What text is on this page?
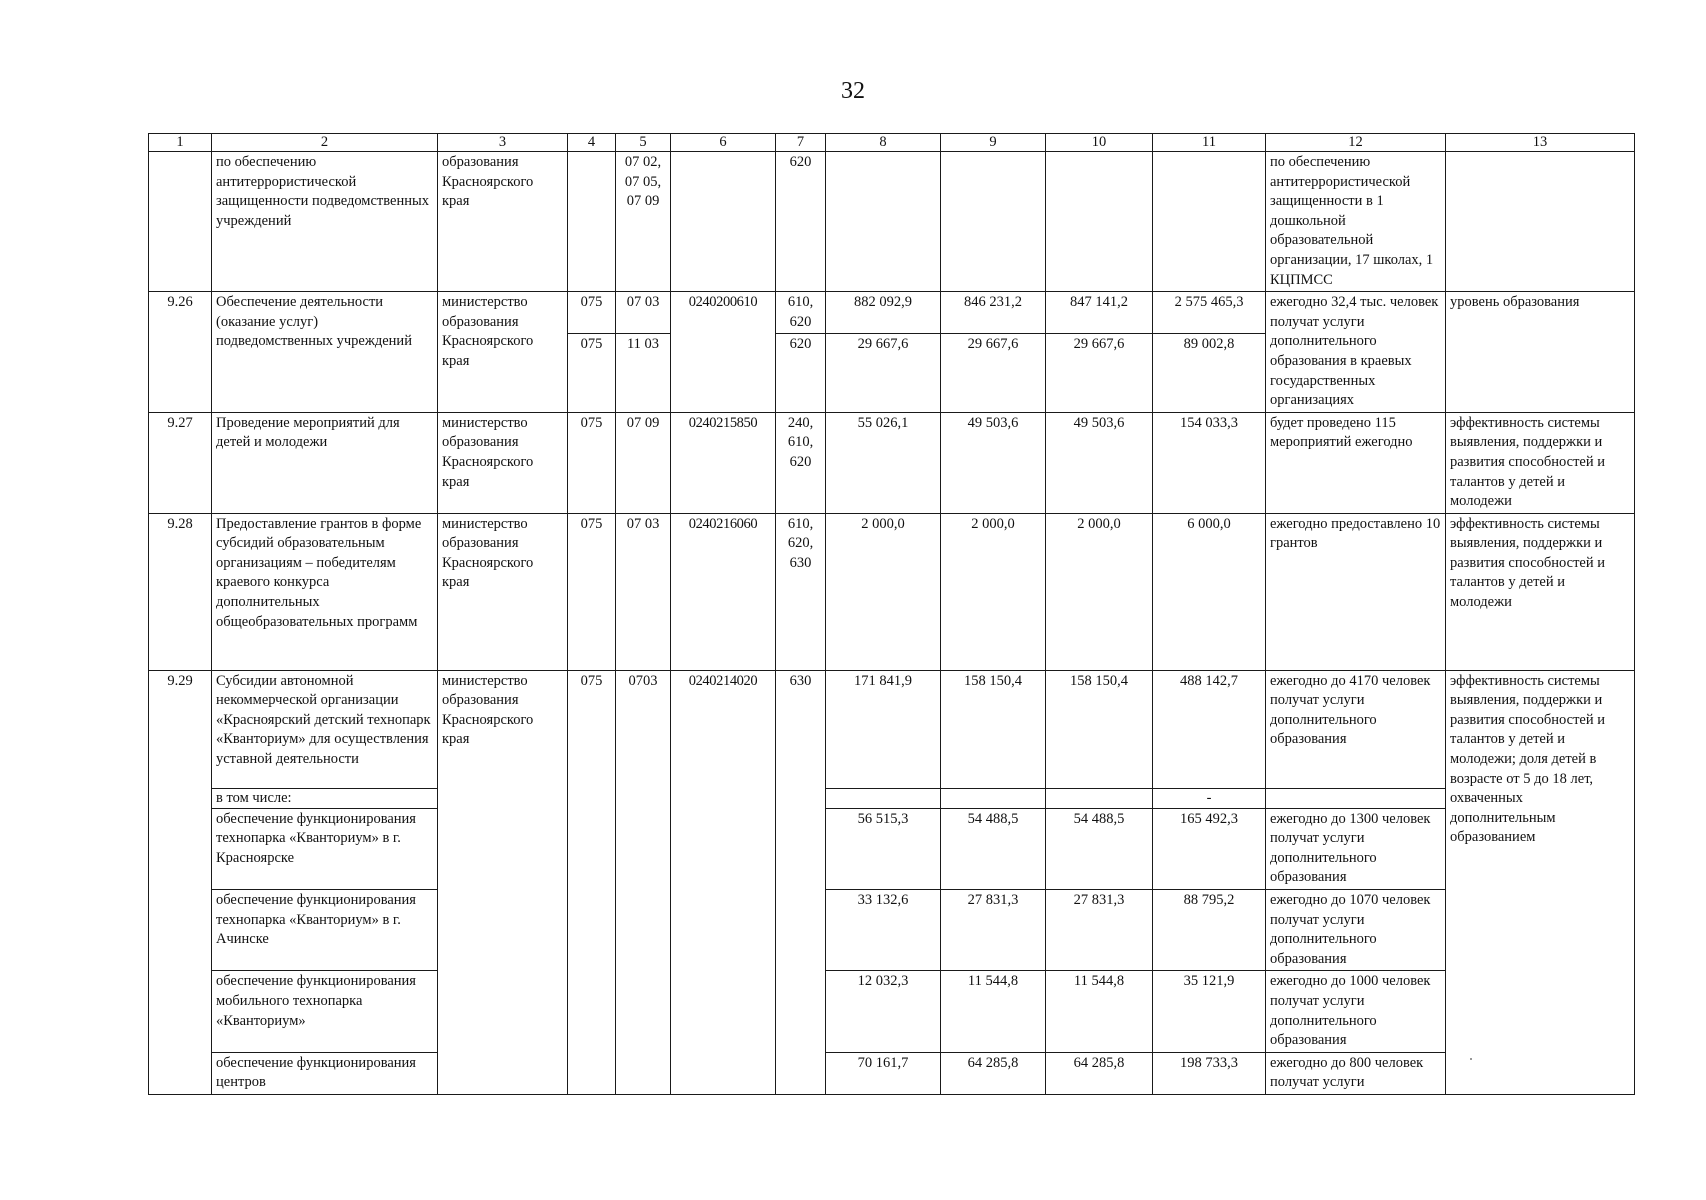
32
1	2	3	4	5	6	7	8	9	10	11	12	13
	по обеспечению антитеррористической защищенности подведомственных учреждений	образования Красноярского края		07 02, 07 05, 07 09		620					по обеспечению антитеррористической защищенности в 1 дошкольной образовательной организации, 17 школах, 1 КЦПМСС	
9.26	Обеспечение деятельности (оказание услуг) подведомственных учреждений	министерство образования Красноярского края	075	07 03	0240200610	610, 620	882 092,9	846 231,2	847 141,2	2 575 465,3	ежегодно 32,4 тыс. человек получат услуги дополнительного образования в краевых государственных организациях	уровень образования
			075	11 03		620	29 667,6	29 667,6	29 667,6	89 002,8		
9.27	Проведение мероприятий для детей и молодежи	министерство образования Красноярского края	075	07 09	0240215850	240, 610, 620	55 026,1	49 503,6	49 503,6	154 033,3	будет проведено 115 мероприятий ежегодно	эффективность системы выявления, поддержки и развития способностей и талантов у детей и молодежи
9.28	Предоставление грантов в форме субсидий образовательным организациям – победителям краевого конкурса дополнительных общеобразовательных программ	министерство образования Красноярского края	075	07 03	0240216060	610, 620, 630	2 000,0	2 000,0	2 000,0	6 000,0	ежегодно предоставлено 10 грантов	эффективность системы выявления, поддержки и развития способностей и талантов у детей и молодежи
9.29	Субсидии автономной некоммерческой организации «Красноярский детский технопарк «Кванториум» для осуществления уставной деятельности	министерство образования Красноярского края	075	0703	0240214020	630	171 841,9	158 150,4	158 150,4	488 142,7	ежегодно до 4170 человек получат услуги дополнительного образования	эффективность системы выявления, поддержки и развития способностей и талантов у детей и молодежи; доля детей в возрасте от 5 до 18 лет, охваченных дополнительным образованием
	в том числе:									-		
	обеспечение функционирования технопарка «Кванториум» в г. Красноярске						56 515,3	54 488,5	54 488,5	165 492,3	ежегодно до 1300 человек получат услуги дополнительного образования	
	обеспечение функционирования технопарка «Кванториум» в г. Ачинске						33 132,6	27 831,3	27 831,3	88 795,2	ежегодно до 1070 человек получат услуги дополнительного образования	
	обеспечение функционирования мобильного технопарка «Кванториум»						12 032,3	11 544,8	11 544,8	35 121,9	ежегодно до 1000 человек получат услуги дополнительного образования	
	обеспечение функционирования центров						70 161,7	64 285,8	64 285,8	198 733,3	ежегодно до 800 человек получат услуги	
